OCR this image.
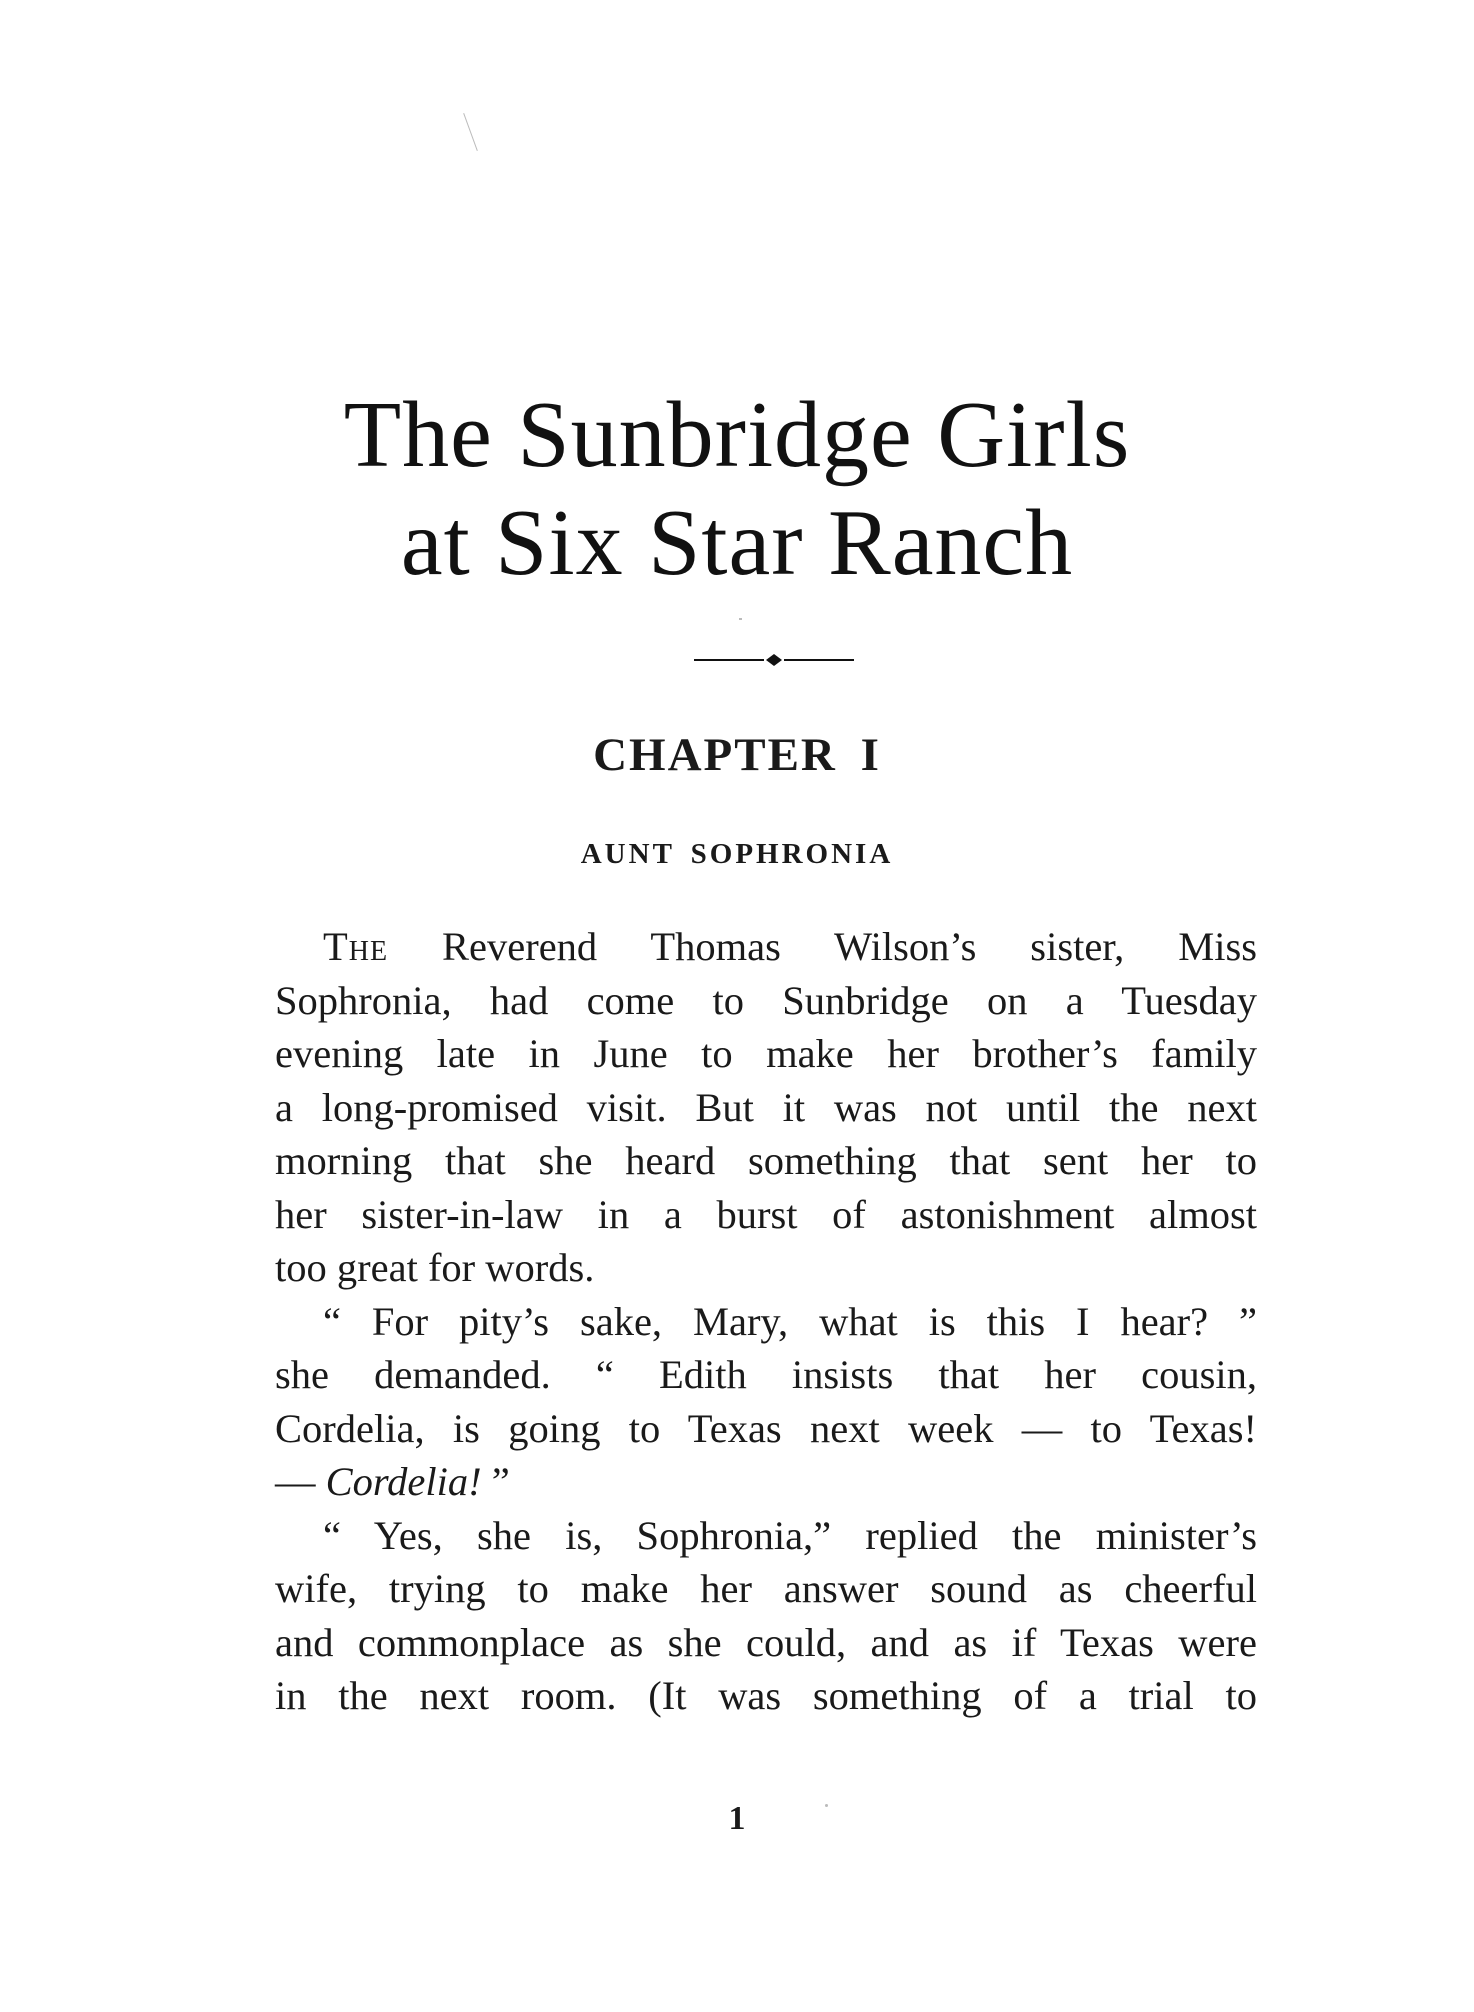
The Sunbridge Girls
at Six Star Ranch
CHAPTER I
AUNT SOPHRONIA
The Reverend Thomas Wilson’s sister, Miss
Sophronia, had come to Sunbridge on a Tuesday
evening late in June to make her brother’s family
a long-promised visit. But it was not until the next
morning that she heard something that sent her to
her sister-in-law in a burst of astonishment almost
too great for words.
“ For pity’s sake, Mary, what is this I hear? ”
she demanded. “ Edith insists that her cousin,
Cordelia, is going to Texas next week — to Texas!
— Cordelia! ”
“ Yes, she is, Sophronia,” replied the minister’s
wife, trying to make her answer sound as cheerful
and commonplace as she could, and as if Texas were
in the next room. (It was something of a trial to

1
